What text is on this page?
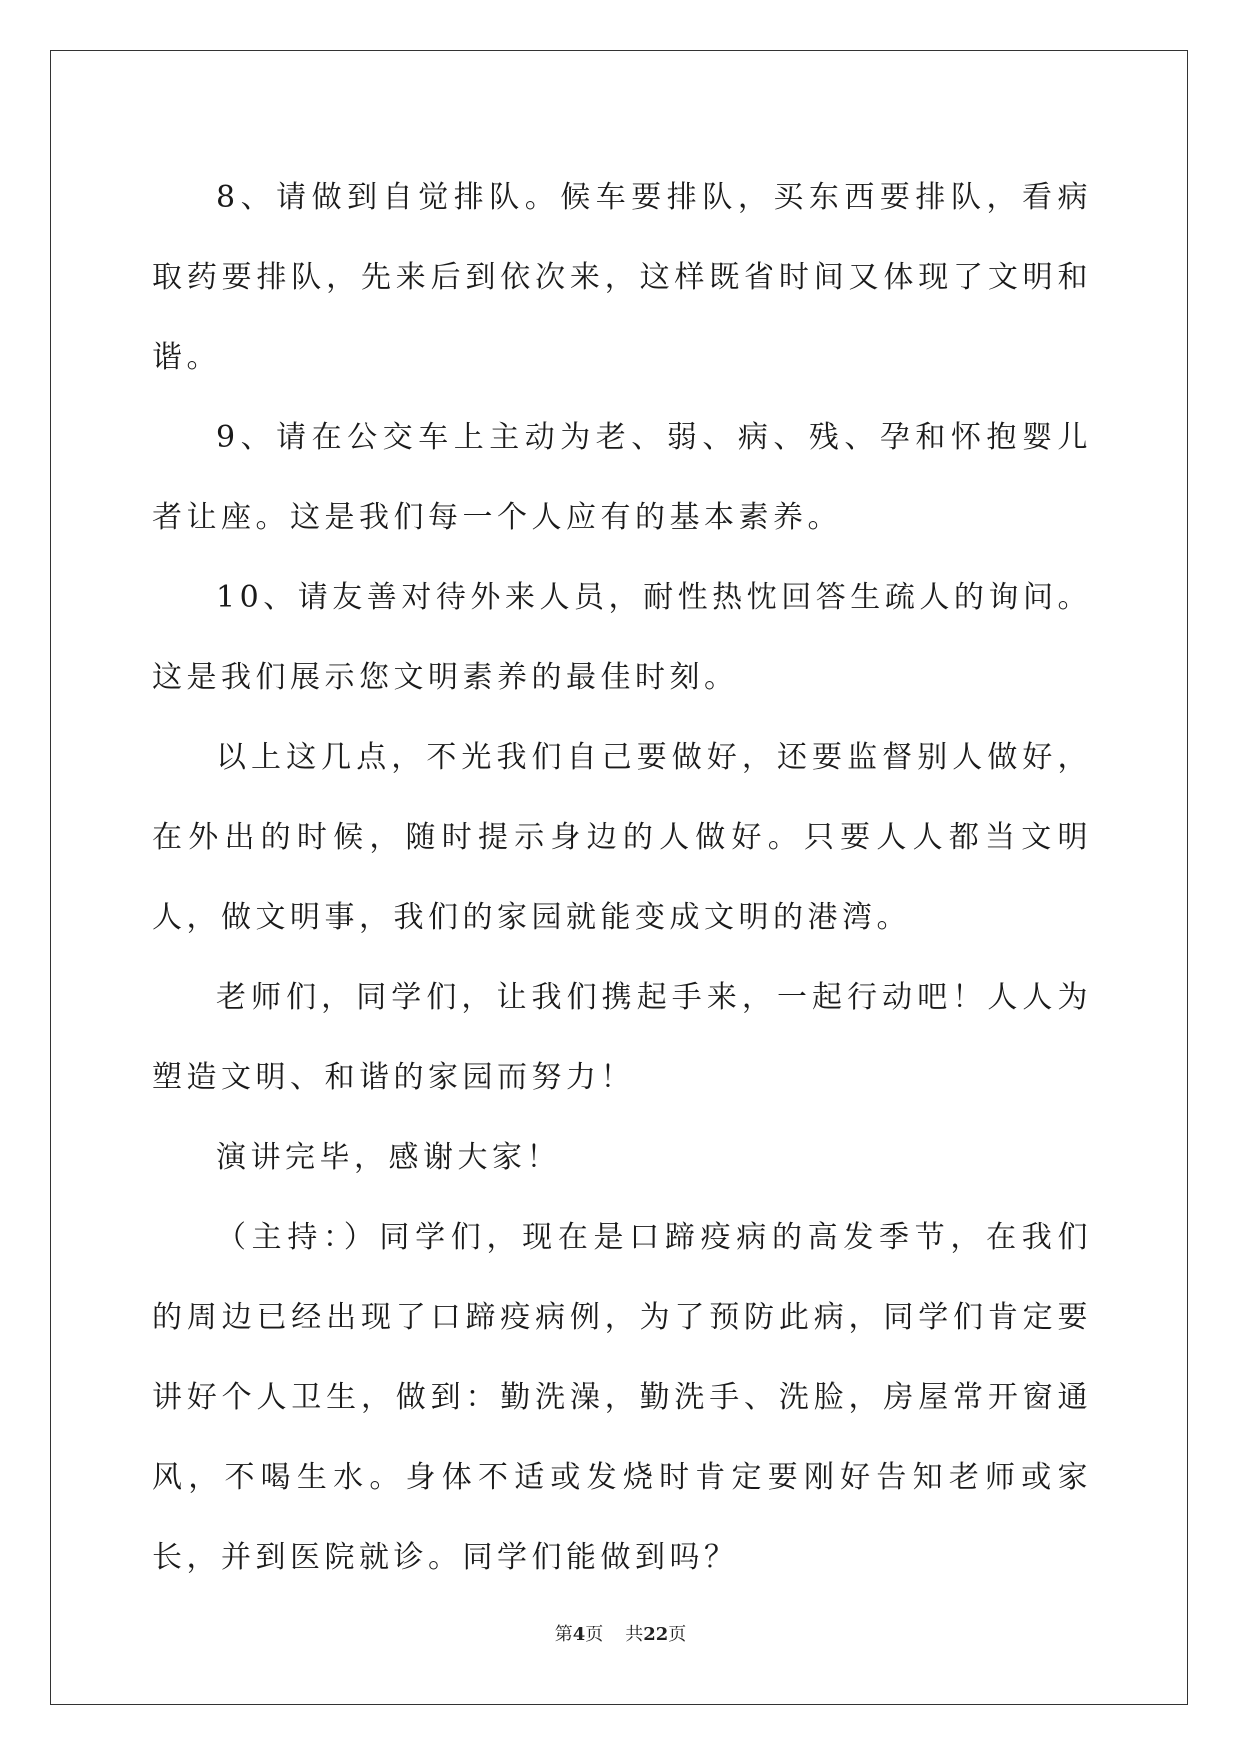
8、请做到自觉排队。候车要排队，买东西要排队，看病取药要排队，先来后到依次来，这样既省时间又体现了文明和谐。

9、请在公交车上主动为老、弱、病、残、孕和怀抱婴儿者让座。这是我们每一个人应有的基本素养。

10、请友善对待外来人员，耐性热忱回答生疏人的询问。这是我们展示您文明素养的最佳时刻。

以上这几点，不光我们自己要做好，还要监督别人做好，在外出的时候，随时提示身边的人做好。只要人人都当文明人，做文明事，我们的家园就能变成文明的港湾。

老师们，同学们，让我们携起手来，一起行动吧！人人为塑造文明、和谐的家园而努力！

演讲完毕，感谢大家！

（主持：）同学们，现在是口蹄疫病的高发季节，在我们的周边已经出现了口蹄疫病例，为了预防此病，同学们肯定要讲好个人卫生，做到：勤洗澡，勤洗手、洗脸，房屋常开窗通风，不喝生水。身体不适或发烧时肯定要刚好告知老师或家长，并到医院就诊。同学们能做到吗？

第4页 共22页
